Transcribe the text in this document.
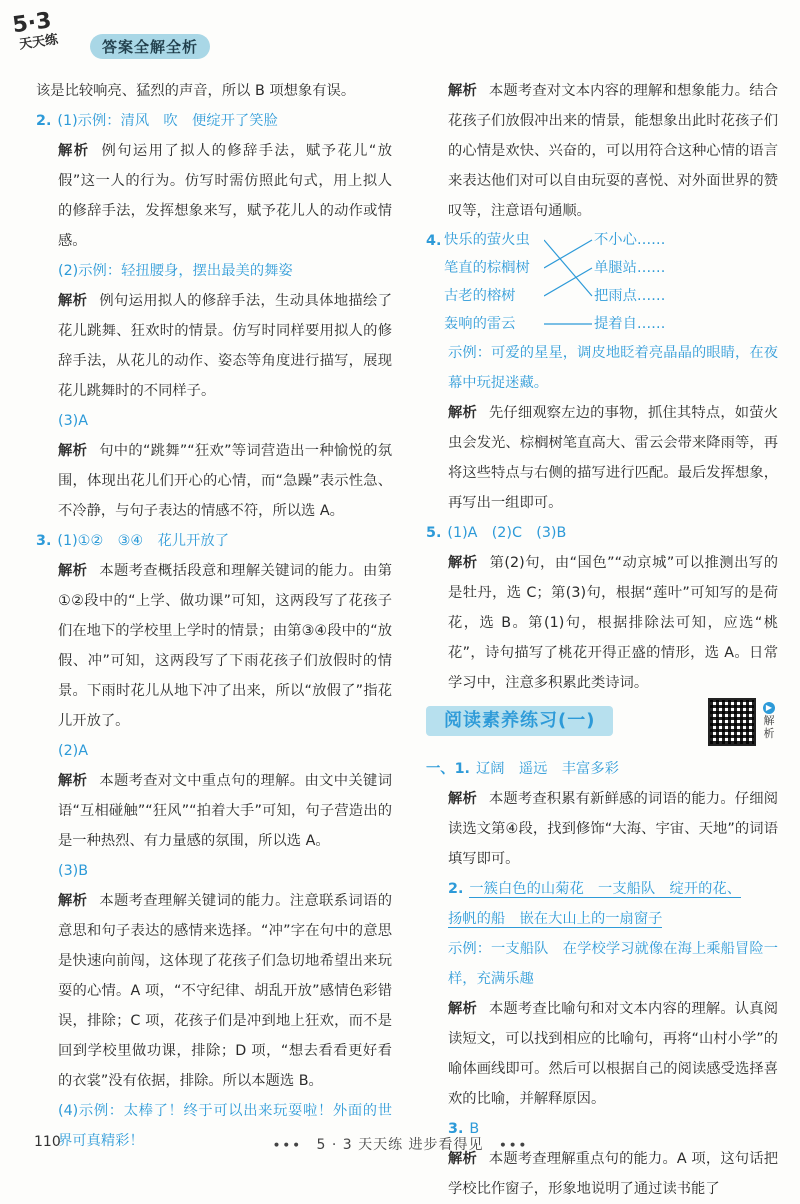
5·3
天天练	答案全解全析

该是比较响亮、猛烈的声音，所以 B 项想象有误。

2. (1)示例：清风　吹　便绽开了笑脸

解析 例句运用了拟人的修辞手法，赋予花儿“放假”这一人的行为。仿写时需仿照此句式，用上拟人的修辞手法，发挥想象来写，赋予花儿人的动作或情感。

(2)示例：轻扭腰身，摆出最美的舞姿

解析 例句运用拟人的修辞手法，生动具体地描绘了花儿跳舞、狂欢时的情景。仿写时同样要用拟人的修辞手法，从花儿的动作、姿态等角度进行描写，展现花儿跳舞时的不同样子。

(3)A

解析 句中的“跳舞”“狂欢”等词营造出一种愉悦的氛围，体现出花儿们开心的心情，而“急躁”表示性急、不冷静，与句子表达的情感不符，所以选 A。

3. (1)①②　③④　花儿开放了

解析 本题考查概括段意和理解关键词的能力。由第①②段中的“上学、做功课”可知，这两段写了花孩子们在地下的学校里上学时的情景；由第③④段中的“放假、冲”可知，这两段写了下雨花孩子们放假时的情景。下雨时花儿从地下冲了出来，所以“放假了”指花儿开放了。

(2)A

解析 本题考查对文中重点句的理解。由文中关键词语“互相碰触”“狂风”“拍着大手”可知，句子营造出的是一种热烈、有力量感的氛围，所以选 A。

(3)B

解析 本题考查理解关键词的能力。注意联系词语的意思和句子表达的感情来选择。“冲”字在句中的意思是快速向前闯，这体现了花孩子们急切地希望出来玩耍的心情。A 项，“不守纪律、胡乱开放”感情色彩错误，排除；C 项，花孩子们是冲到地上狂欢，而不是回到学校里做功课，排除；D 项，“想去看看更好看的衣裳”没有依据，排除。所以本题选 B。

(4)示例：太棒了！终于可以出来玩耍啦！外面的世界可真精彩！

解析 本题考查对文本内容的理解和想象能力。结合花孩子们放假冲出来的情景，能想象出此时花孩子们的心情是欢快、兴奋的，可以用符合这种心情的语言来表达他们对可以自由玩耍的喜悦、对外面世界的赞叹等，注意语句通顺。

4. 快乐的萤火虫
笔直的棕榈树
古老的榕树
轰响的雷云
不小心……
单腿站……
把雨点……
提着自……

示例：可爱的星星，调皮地眨着亮晶晶的眼睛，在夜幕中玩捉迷藏。

解析 先仔细观察左边的事物，抓住其特点，如萤火虫会发光、棕榈树笔直高大、雷云会带来降雨等，再将这些特点与右侧的描写进行匹配。最后发挥想象，再写出一组即可。

5. (1)A　(2)C　(3)B

解析 第(2)句，由“国色”“动京城”可以推测出写的是牡丹，选 C；第(3)句，根据“莲叶”可知写的是荷花，选 B。第(1)句，根据排除法可知，应选“桃花”，诗句描写了桃花开得正盛的情形，选 A。日常学习中，注意多积累此类诗词。

阅读素养练习(一)
▶ 解析

一、1. 辽阔　遥远　丰富多彩

解析 本题考查积累有新鲜感的词语的能力。仔细阅读选文第④段，找到修饰“大海、宇宙、天地”的词语填写即可。

2. 一簇白色的山菊花　一支船队　绽开的花、

扬帆的船　嵌在大山上的一扇窗子

示例：一支船队　在学校学习就像在海上乘船冒险一样，充满乐趣

解析 本题考查比喻句和对文本内容的理解。认真阅读短文，可以找到相应的比喻句，再将“山村小学”的喻体画线即可。然后可以根据自己的阅读感受选择喜欢的比喻，并解释原因。

3. B

解析 本题考查理解重点句的能力。A 项，这句话把学校比作窗子，形象地说明了通过读书能了

110	∙∙∙　5 · 3 天天练 进步看得见　∙∙∙
